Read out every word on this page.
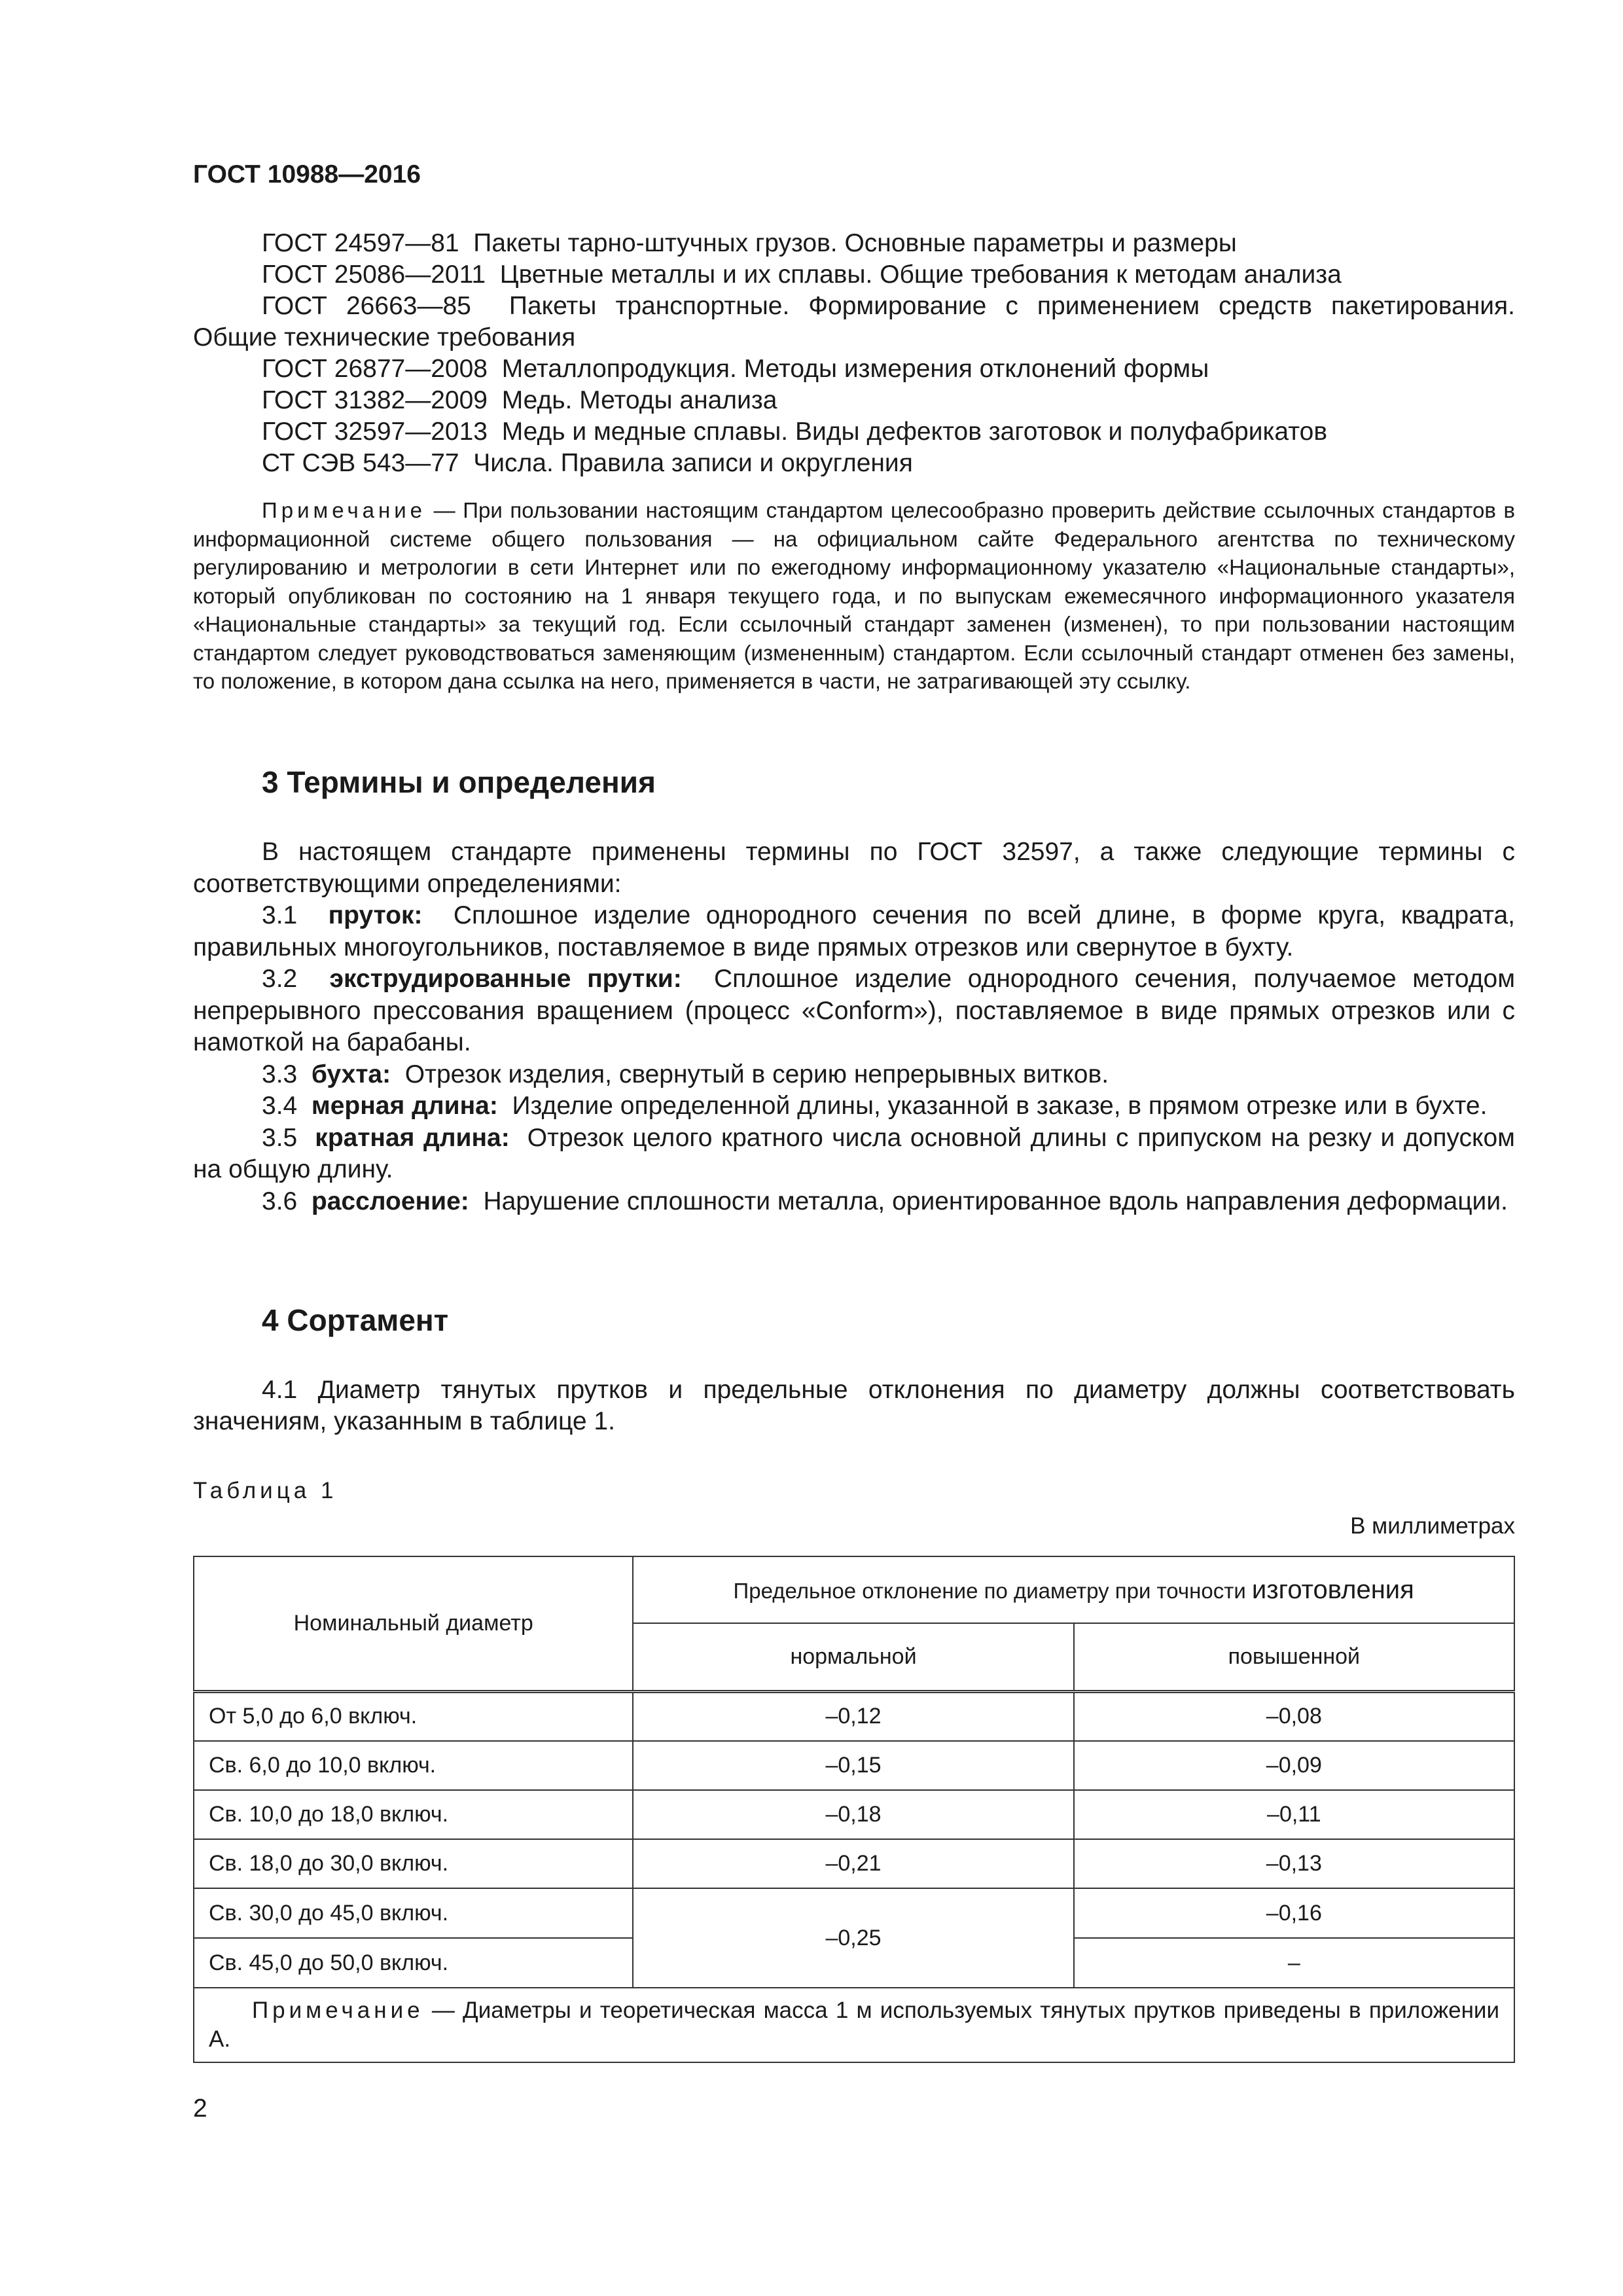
ГОСТ 10988—2016

ГОСТ 24597—81 Пакеты тарно-штучных грузов. Основные параметры и размеры

ГОСТ 25086—2011 Цветные металлы и их сплавы. Общие требования к методам анализа

ГОСТ 26663—85 Пакеты транспортные. Формирование с применением средств пакетирования.

Общие технические требования

ГОСТ 26877—2008 Металлопродукция. Методы измерения отклонений формы

ГОСТ 31382—2009 Медь. Методы анализа

ГОСТ 32597—2013 Медь и медные сплавы. Виды дефектов заготовок и полуфабрикатов

СТ СЭВ 543—77 Числа. Правила записи и округления

Примечание — При пользовании настоящим стандартом целесообразно проверить действие ссылочных стандартов в информационной системе общего пользования — на официальном сайте Федерального агентства по техническому регулированию и метрологии в сети Интернет или по ежегодному информационному указателю «Национальные стандарты», который опубликован по состоянию на 1 января текущего года, и по выпускам ежемесячного информационного указателя «Национальные стандарты» за текущий год. Если ссылочный стандарт заменен (изменен), то при пользовании настоящим стандартом следует руководствоваться заменяющим (измененным) стандартом. Если ссылочный стандарт отменен без замены, то положение, в котором дана ссылка на него, применяется в части, не затрагивающей эту ссылку.

3 Термины и определения

В настоящем стандарте применены термины по ГОСТ 32597, а также следующие термины с соответствующими определениями:

3.1 пруток: Сплошное изделие однородного сечения по всей длине, в форме круга, квадрата, правильных многоугольников, поставляемое в виде прямых отрезков или свернутое в бухту.

3.2 экструдированные прутки: Сплошное изделие однородного сечения, получаемое методом непрерывного прессования вращением (процесс «Conform»), поставляемое в виде прямых отрезков или с намоткой на барабаны.

3.3 бухта: Отрезок изделия, свернутый в серию непрерывных витков.

3.4 мерная длина: Изделие определенной длины, указанной в заказе, в прямом отрезке или в бухте.

3.5 кратная длина: Отрезок целого кратного числа основной длины с припуском на резку и допуском на общую длину.

3.6 расслоение: Нарушение сплошности металла, ориентированное вдоль направления деформации.

4 Сортамент

4.1 Диаметр тянутых прутков и предельные отклонения по диаметру должны соответствовать значениям, указанным в таблице 1.

Таблица 1
В миллиметрах
Номинальный диаметр	Предельное отклонение по диаметру при точности изготовления	
	нормальной	повышенной
От 5,0 до 6,0 включ.	–0,12	–0,08
Св. 6,0 до 10,0 включ.	–0,15	–0,09
Св. 10,0 до 18,0 включ.	–0,18	–0,11
Св. 18,0 до 30,0 включ.	–0,21	–0,13
Св. 30,0 до 45,0 включ.	–0,25	–0,16
Св. 45,0 до 50,0 включ.		–

Примечание — Диаметры и теоретическая масса 1 м используемых тянутых прутков приведены в приложении А.		

2
